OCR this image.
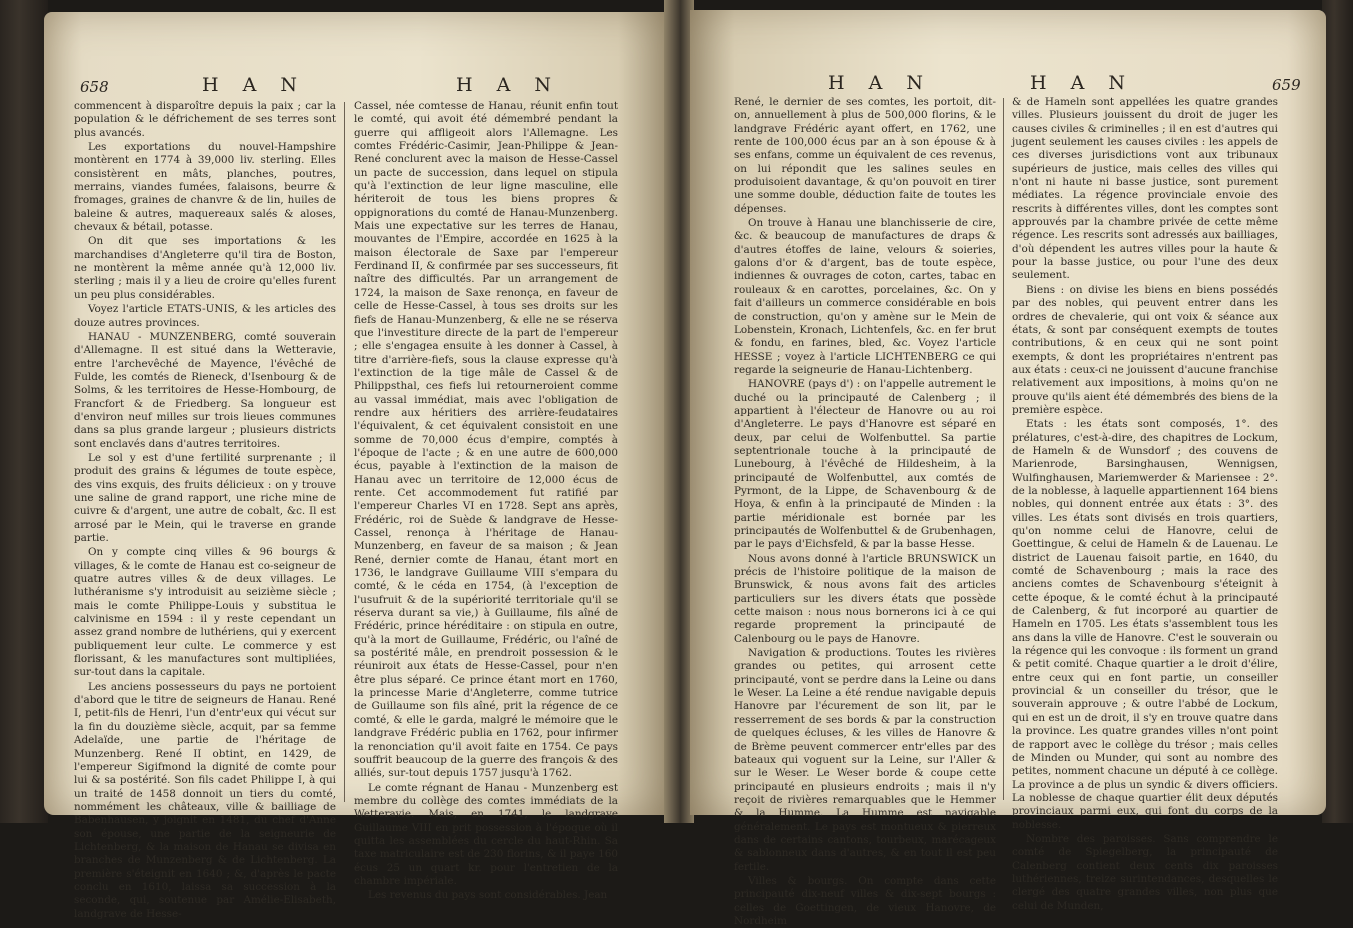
658	H A N	H A N

commencent à disparoître depuis la paix ; car la population & le défrichement de ses terres sont plus avancés.

Les exportations du nouvel-Hampshire montèrent en 1774 à 39,000 liv. sterling. Elles consistèrent en mâts, planches, poutres, merrains, viandes fumées, falaisons, beurre & fromages, graines de chanvre & de lin, huiles de baleine & autres, maquereaux salés & aloses, chevaux & bétail, potasse.

On dit que ses importations & les marchandises d'Angleterre qu'il tira de Boston, ne montèrent la même année qu'à 12,000 liv. sterling ; mais il y a lieu de croire qu'elles furent un peu plus considérables.

Voyez l'article ETATS-UNIS, & les articles des douze autres provinces.

HANAU - MUNZENBERG, comté souverain d'Allemagne. Il est situé dans la Wetteravie, entre l'archevêché de Mayence, l'évêché de Fulde, les comtés de Rieneck, d'Isenbourg & de Solms, & les territoires de Hesse-Hombourg, de Francfort & de Friedberg. Sa longueur est d'environ neuf milles sur trois lieues communes dans sa plus grande largeur ; plusieurs districts sont enclavés dans d'autres territoires.

Le sol y est d'une fertilité surprenante ; il produit des grains & légumes de toute espèce, des vins exquis, des fruits délicieux : on y trouve une saline de grand rapport, une riche mine de cuivre & d'argent, une autre de cobalt, &c. Il est arrosé par le Mein, qui le traverse en grande partie.

On y compte cinq villes & 96 bourgs & villages, & le comte de Hanau est co-seigneur de quatre autres villes & de deux villages. Le luthéranisme s'y introduisit au seizième siècle ; mais le comte Philippe-Louis y substitua le calvinisme en 1594 : il y reste cependant un assez grand nombre de luthériens, qui y exercent publiquement leur culte. Le commerce y est florissant, & les manufactures sont multipliées, sur-tout dans la capitale.

Les anciens possesseurs du pays ne portoient d'abord que le titre de seigneurs de Hanau. René I, petit-fils de Henri, l'un d'entr'eux qui vécut sur la fin du douzième siècle, acquit, par sa femme Adelaïde, une partie de l'héritage de Munzenberg. René II obtint, en 1429, de l'empereur Sigifmond la dignité de comte pour lui & sa postérité. Son fils cadet Philippe I, à qui un traité de 1458 donnoit un tiers du comté, nommément les châteaux, ville & bailliage de Babenhausen, y joignit en 1481, du chef d'Anne son épouse, une partie de la seigneurie de Lichtenberg, & la maison de Hanau se divisa en branches de Munzenberg & de Lichtenberg. La première s'éteignit en 1640 ; &, d'après le pacte conclu en 1610, laissa sa succession à la seconde, qui, soutenue par Amélie-Elisabeth, landgrave de Hesse-

Cassel, née comtesse de Hanau, réunit enfin tout le comté, qui avoit été démembré pendant la guerre qui affligeoit alors l'Allemagne. Les comtes Frédéric-Casimir, Jean-Philippe & Jean-René conclurent avec la maison de Hesse-Cassel un pacte de succession, dans lequel on stipula qu'à l'extinction de leur ligne masculine, elle hériteroit de tous les biens propres & oppignorations du comté de Hanau-Munzenberg. Mais une expectative sur les terres de Hanau, mouvantes de l'Empire, accordée en 1625 à la maison électorale de Saxe par l'empereur Ferdinand II, & confirmée par ses successeurs, fit naître des difficultés. Par un arrangement de 1724, la maison de Saxe renonça, en faveur de celle de Hesse-Cassel, à tous ses droits sur les fiefs de Hanau-Munzenberg, & elle ne se réserva que l'investiture directe de la part de l'empereur ; elle s'engagea ensuite à les donner à Cassel, à titre d'arrière-fiefs, sous la clause expresse qu'à l'extinction de la tige mâle de Cassel & de Philippsthal, ces fiefs lui retourneroient comme au vassal immédiat, mais avec l'obligation de rendre aux héritiers des arrière-feudataires l'équivalent, & cet équivalent consistoit en une somme de 70,000 écus d'empire, comptés à l'époque de l'acte ; & en une autre de 600,000 écus, payable à l'extinction de la maison de Hanau avec un territoire de 12,000 écus de rente. Cet accommodement fut ratifié par l'empereur Charles VI en 1728. Sept ans après, Frédéric, roi de Suède & landgrave de Hesse-Cassel, renonça à l'héritage de Hanau-Munzenberg, en faveur de sa maison ; & Jean René, dernier comte de Hanau, étant mort en 1736, le landgrave Guillaume VIII s'empara du comté, & le céda en 1754, (à l'exception de l'usufruit & de la supériorité territoriale qu'il se réserva durant sa vie,) à Guillaume, fils aîné de Frédéric, prince héréditaire : on stipula en outre, qu'à la mort de Guillaume, Frédéric, ou l'aîné de sa postérité mâle, en prendroit possession & le réuniroit aux états de Hesse-Cassel, pour n'en être plus séparé. Ce prince étant mort en 1760, la princesse Marie d'Angleterre, comme tutrice de Guillaume son fils aîné, prit la régence de ce comté, & elle le garda, malgré le mémoire que le landgrave Frédéric publia en 1762, pour infirmer la renonciation qu'il avoit faite en 1754. Ce pays souffrit beaucoup de la guerre des françois & des alliés, sur-tout depuis 1757 jusqu'à 1762.

Le comte régnant de Hanau - Munzenberg est membre du collège des comtes immédiats de la Wetteravie. Mais, en 1741, le landgrave Guillaume VIII en prit possession à l'époque où il quitta les assemblées du cercle du haut-Rhin. Sa taxe matriculaire est de 230 florins, & il paye 160 écus 25 un quart kr. pour l'entretien de la chambre impériale.

Les revenus du pays sont considérables. Jean

H A N	H A N	659

René, le dernier de ses comtes, les portoit, dit-on, annuellement à plus de 500,000 florins, & le landgrave Frédéric ayant offert, en 1762, une rente de 100,000 écus par an à son épouse & à ses enfans, comme un équivalent de ces revenus, on lui répondit que les salines seules en produisoient davantage, & qu'on pouvoit en tirer une somme double, déduction faite de toutes les dépenses.

On trouve à Hanau une blanchisserie de cire, &c. & beaucoup de manufactures de draps & d'autres étoffes de laine, velours & soieries, galons d'or & d'argent, bas de toute espèce, indiennes & ouvrages de coton, cartes, tabac en rouleaux & en carottes, porcelaines, &c. On y fait d'ailleurs un commerce considérable en bois de construction, qu'on y amène sur le Mein de Lobenstein, Kronach, Lichtenfels, &c. en fer brut & fondu, en farines, bled, &c. Voyez l'article HESSE ; voyez à l'article LICHTENBERG ce qui regarde la seigneurie de Hanau-Lichtenberg.

HANOVRE (pays d') : on l'appelle autrement le duché ou la principauté de Calenberg ; il appartient à l'électeur de Hanovre ou au roi d'Angleterre. Le pays d'Hanovre est séparé en deux, par celui de Wolfenbuttel. Sa partie septentrionale touche à la principauté de Lunebourg, à l'évêché de Hildesheim, à la principauté de Wolfenbuttel, aux comtés de Pyrmont, de la Lippe, de Schavenbourg & de Hoya, & enfin à la principauté de Minden : la partie méridionale est bornée par les principautés de Wolfenbuttel & de Grubenhagen, par le pays d'Eichsfeld, & par la basse Hesse.

Nous avons donné à l'article BRUNSWICK un précis de l'histoire politique de la maison de Brunswick, & nous avons fait des articles particuliers sur les divers états que possède cette maison : nous nous bornerons ici à ce qui regarde proprement la principauté de Calenbourg ou le pays de Hanovre.

Navigation & productions. Toutes les rivières grandes ou petites, qui arrosent cette principauté, vont se perdre dans la Leine ou dans le Weser. La Leine a été rendue navigable depuis Hanovre par l'écurement de son lit, par le resserrement de ses bords & par la construction de quelques écluses, & les villes de Hanovre & de Brème peuvent commercer entr'elles par des bateaux qui voguent sur la Leine, sur l'Aller & sur le Weser. Le Weser borde & coupe cette principauté en plusieurs endroits ; mais il n'y reçoit de rivières remarquables que le Hemmer & la Humme. La Humme est navigable généralement. Le pays est montueux & pierreux dans de certains cantons, tourbeux, marécageux & sablonneux dans d'autres, & en tout il est peu fertile.

Villes & bourgs. On compte dans cette principauté dix-neuf villes & dix-sept bourgs : celles de Goettingen, de vieux Hanovre, de Nordheim

& de Hameln sont appellées les quatre grandes villes. Plusieurs jouissent du droit de juger les causes civiles & criminelles ; il en est d'autres qui jugent seulement les causes civiles : les appels de ces diverses jurisdictions vont aux tribunaux supérieurs de justice, mais celles des villes qui n'ont ni haute ni basse justice, sont purement médiates. La régence provinciale envoie des rescrits à différentes villes, dont les comptes sont approuvés par la chambre privée de cette même régence. Les rescrits sont adressés aux bailliages, d'où dépendent les autres villes pour la haute & pour la basse justice, ou pour l'une des deux seulement.

Biens : on divise les biens en biens possédés par des nobles, qui peuvent entrer dans les ordres de chevalerie, qui ont voix & séance aux états, & sont par conséquent exempts de toutes contributions, & en ceux qui ne sont point exempts, & dont les propriétaires n'entrent pas aux états : ceux-ci ne jouissent d'aucune franchise relativement aux impositions, à moins qu'on ne prouve qu'ils aient été démembrés des biens de la première espèce.

Etats : les états sont composés, 1°. des prélatures, c'est-à-dire, des chapitres de Lockum, de Hameln & de Wunsdorf ; des couvens de Marienrode, Barsinghausen, Wennigsen, Wulfinghausen, Mariemwerder & Mariensee : 2°. de la noblesse, à laquelle appartiennent 164 biens nobles, qui donnent entrée aux états : 3°. des villes. Les états sont divisés en trois quartiers, qu'on nomme celui de Hanovre, celui de Goettingue, & celui de Hameln & de Lauenau. Le district de Lauenau faisoit partie, en 1640, du comté de Schavenbourg ; mais la race des anciens comtes de Schavenbourg s'éteignit à cette époque, & le comté échut à la principauté de Calenberg, & fut incorporé au quartier de Hameln en 1705. Les états s'assemblent tous les ans dans la ville de Hanovre. C'est le souverain ou la régence qui les convoque : ils forment un grand & petit comité. Chaque quartier a le droit d'élire, entre ceux qui en font partie, un conseiller provincial & un conseiller du trésor, que le souverain approuve ; & outre l'abbé de Lockum, qui en est un de droit, il s'y en trouve quatre dans la province. Les quatre grandes villes n'ont point de rapport avec le collège du trésor ; mais celles de Minden ou Munder, qui sont au nombre des petites, nomment chacune un député à ce collège. La province a de plus un syndic & divers officiers. La noblesse de chaque quartier élit deux députés provinciaux parmi eux, qui font du corps de la noblesse.

Nombre des paroisses. Sans comprendre le comté de Spiegelberg, la principauté de Calenberg contient deux cents dix paroisses luthériennes, treize surintendances, desquelles le clergé des quatre grandes villes, non plus que celui de Munden,
